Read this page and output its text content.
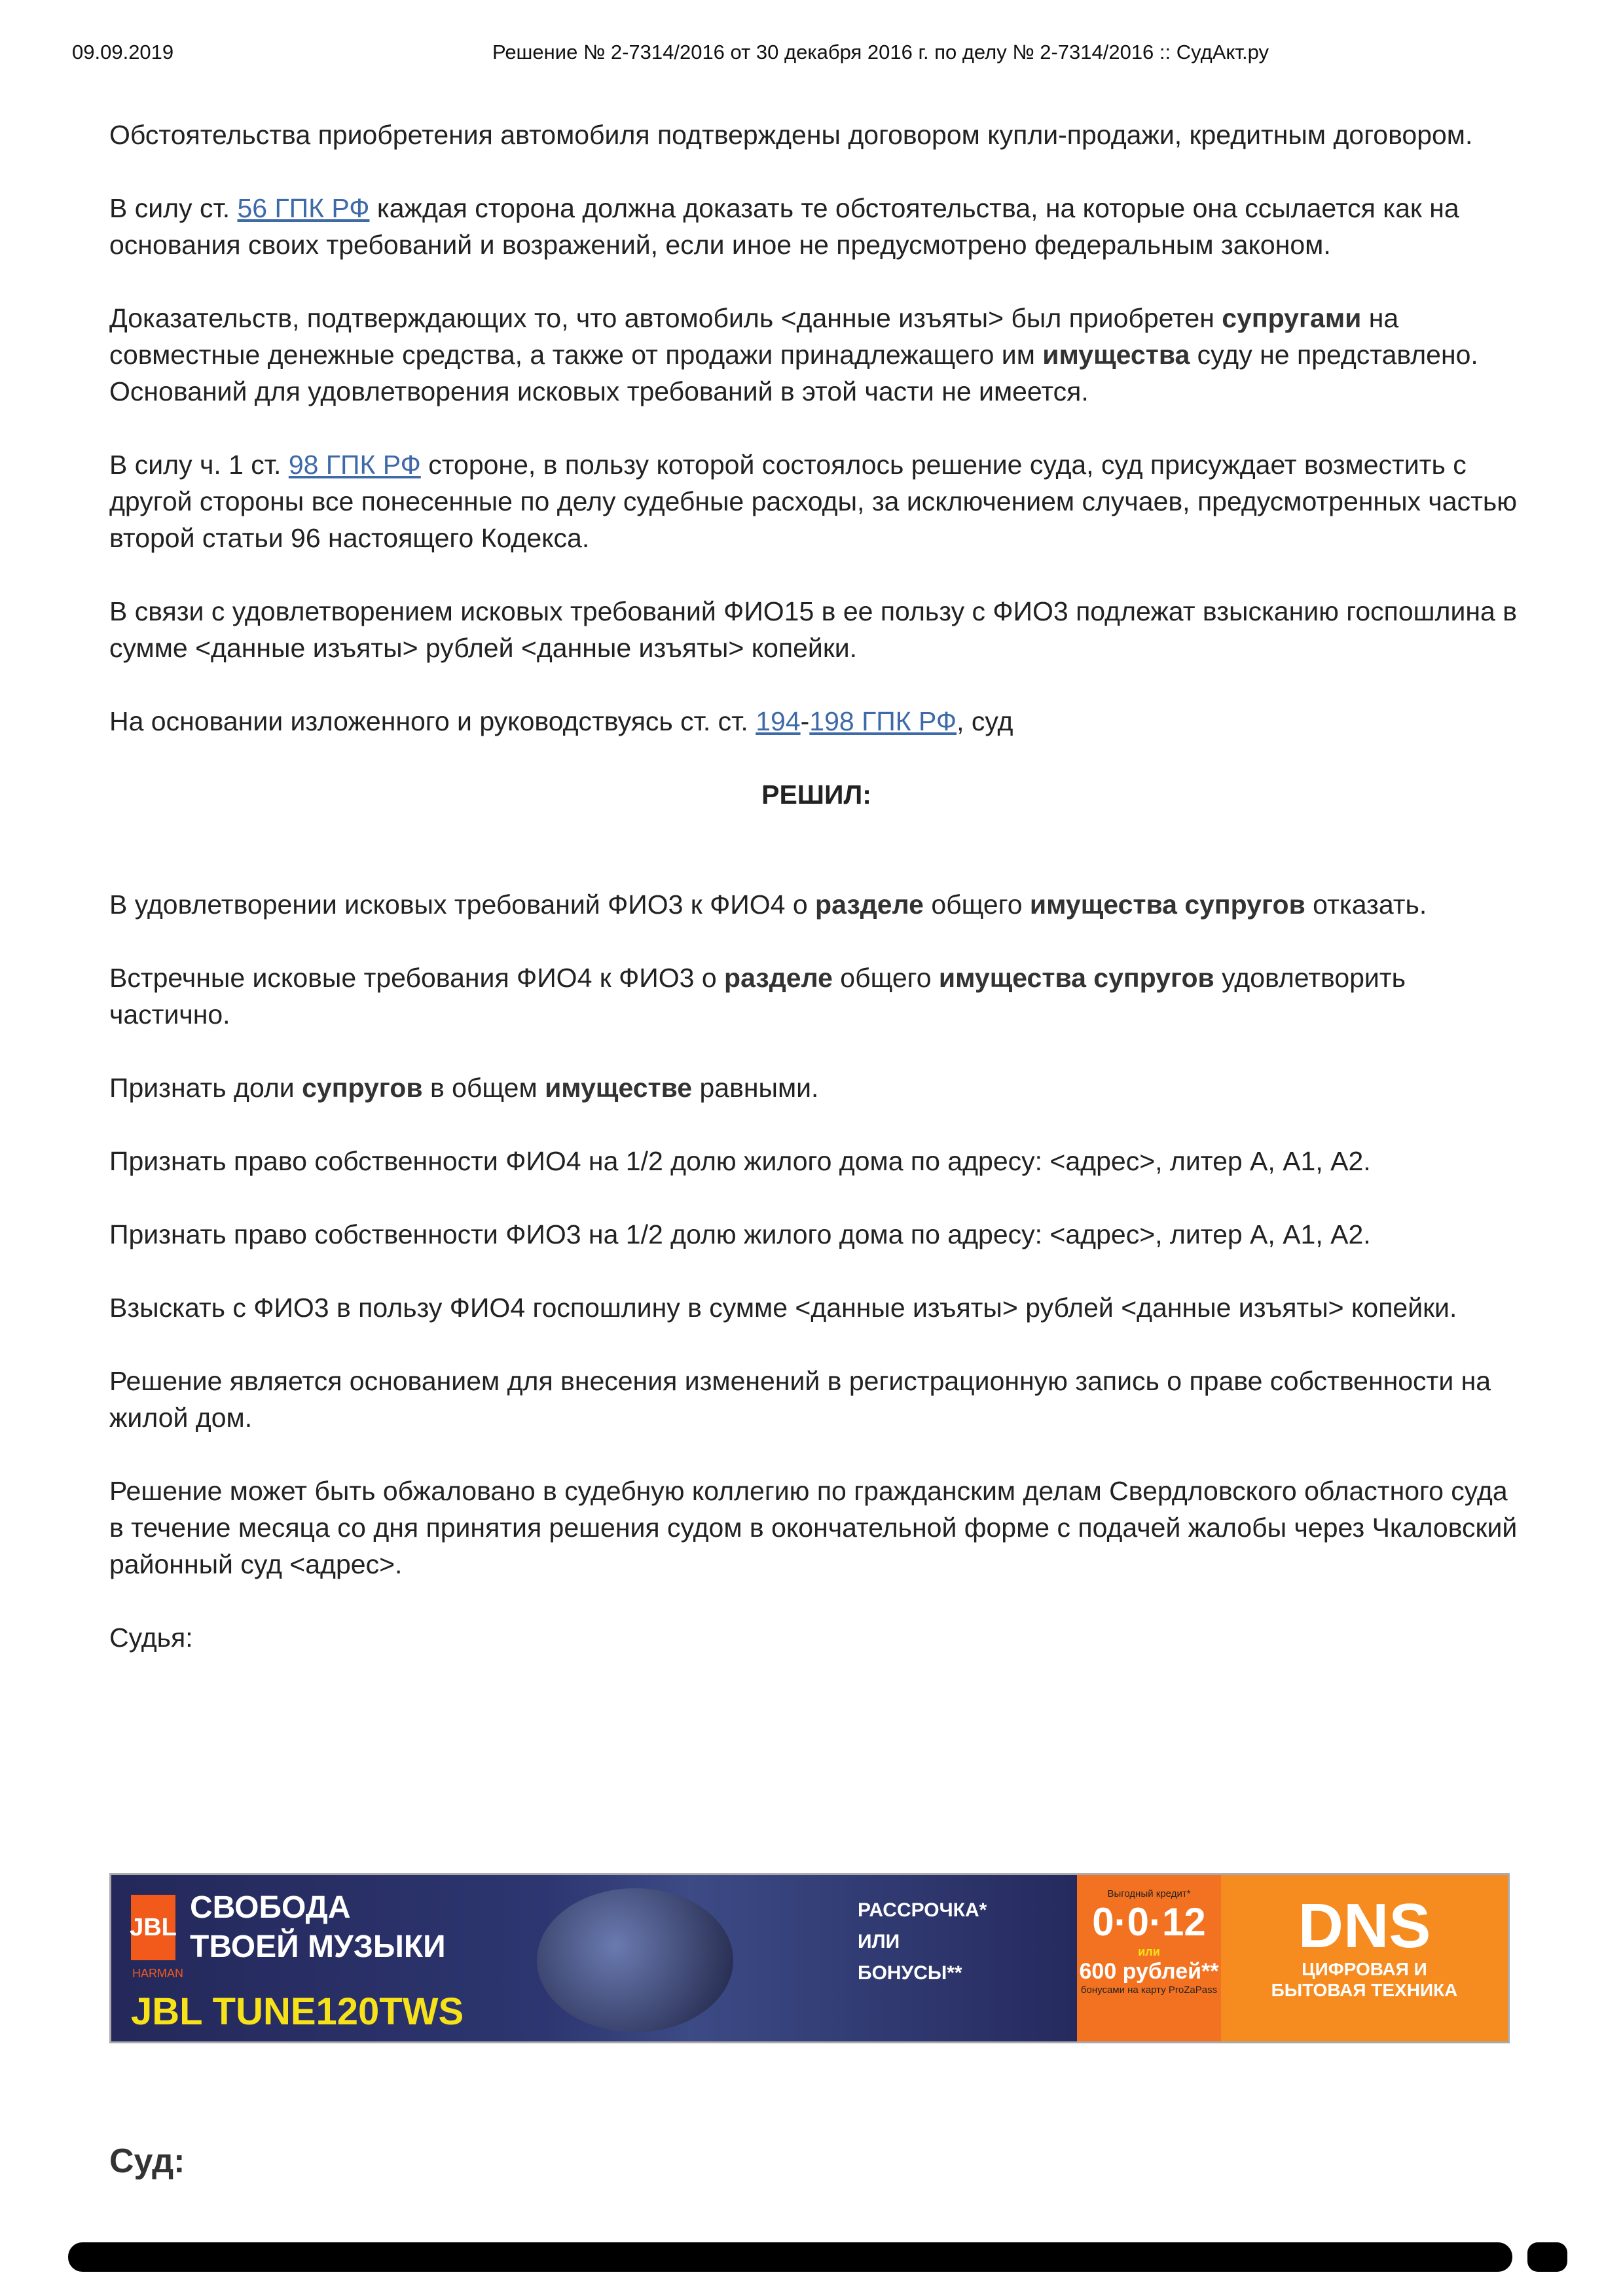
09.09.2019	Решение № 2-7314/2016 от 30 декабря 2016 г. по делу № 2-7314/2016 :: СудАкт.ру

Обстоятельства приобретения автомобиля подтверждены договором купли-продажи, кредитным договором.

В силу ст. 56 ГПК РФ каждая сторона должна доказать те обстоятельства, на которые она ссылается как на основания своих требований и возражений, если иное не предусмотрено федеральным законом.

Доказательств, подтверждающих то, что автомобиль <данные изъяты> был приобретен супругами на совместные денежные средства, а также от продажи принадлежащего им имущества суду не представлено. Оснований для удовлетворения исковых требований в этой части не имеется.

В силу ч. 1 ст. 98 ГПК РФ стороне, в пользу которой состоялось решение суда, суд присуждает возместить с другой стороны все понесенные по делу судебные расходы, за исключением случаев, предусмотренных частью второй статьи 96 настоящего Кодекса.

В связи с удовлетворением исковых требований ФИО15 в ее пользу с ФИО3 подлежат взысканию госпошлина в сумме <данные изъяты> рублей <данные изъяты> копейки.

На основании изложенного и руководствуясь ст. ст. 194-198 ГПК РФ, суд

РЕШИЛ:

В удовлетворении исковых требований ФИО3 к ФИО4 о разделе общего имущества супругов отказать.

Встречные исковые требования ФИО4 к ФИО3 о разделе общего имущества супругов удовлетворить частично.

Признать доли супругов в общем имуществе равными.

Признать право собственности ФИО4 на 1/2 долю жилого дома по адресу: <адрес>, литер А, А1, А2.

Признать право собственности ФИО3 на 1/2 долю жилого дома по адресу: <адрес>, литер А, А1, А2.

Взыскать с ФИО3 в пользу ФИО4 госпошлину в сумме <данные изъяты> рублей <данные изъяты> копейки.

Решение является основанием для внесения изменений в регистрационную запись о праве собственности на жилой дом.

Решение может быть обжаловано в судебную коллегию по гражданским делам Свердловского областного суда в течение месяца со дня принятия решения судом в окончательной форме с подачей жалобы через Чкаловский районный суд <адрес>.

Судья:

JBL
HARMAN
СВОБОДА
ТВОЕЙ МУЗЫКИ
JBL TUNE120TWS
РАССРОЧКА*
ИЛИ
БОНУСЫ**
Выгодный кредит*
0·0·12
или
600 рублей**
бонусами на карту ProZaPass
DNS
ЦИФРОВАЯ И
БЫТОВАЯ ТЕХНИКА
Суд:
